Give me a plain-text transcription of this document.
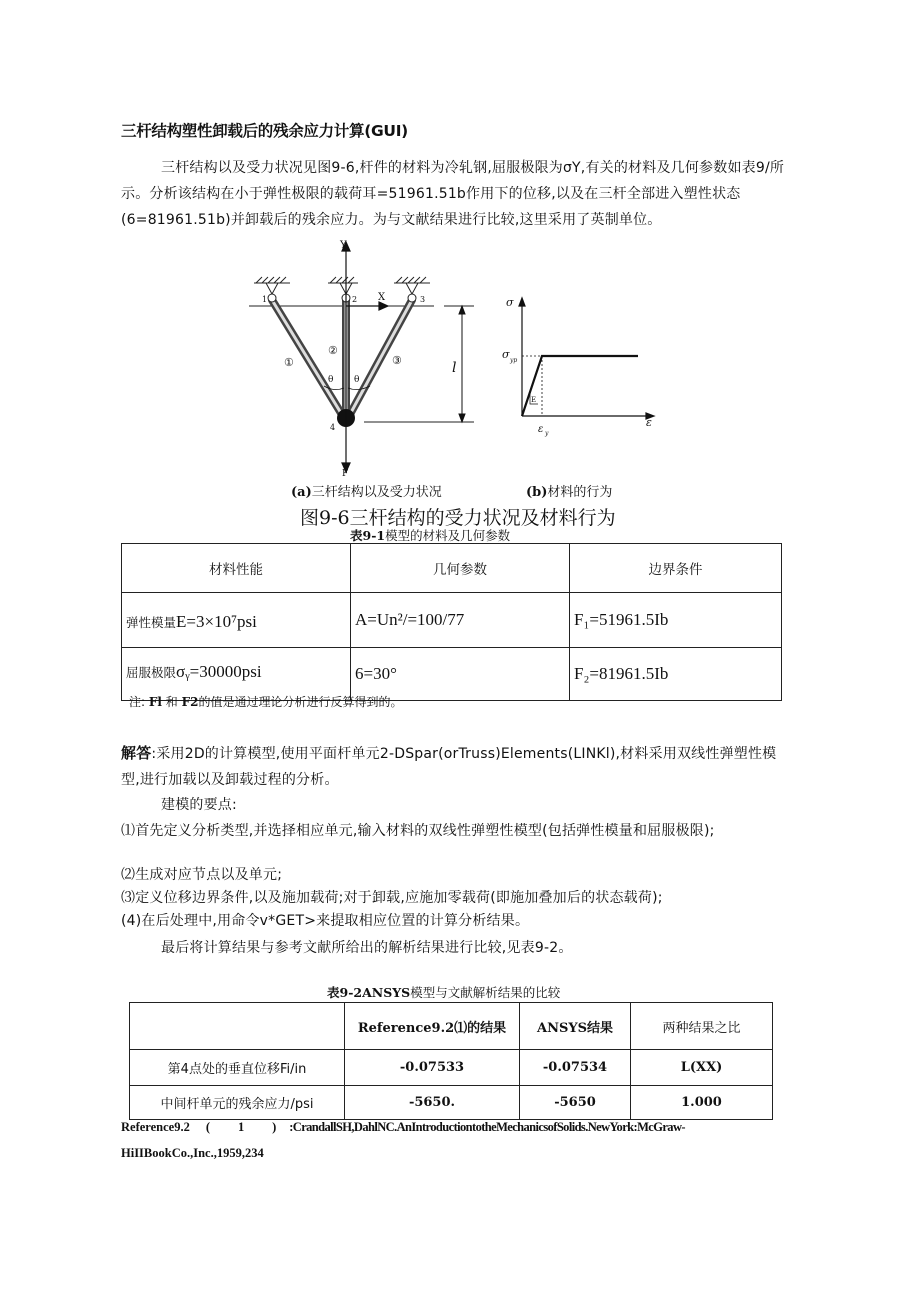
三杆结构塑性卸载后的残余应力计算(GUI)
三杆结构以及受力状况见图9-6,杆件的材料为冷轧钢,屈服极限为σY,有关的材料及几何参数如表9/所示。分析该结构在小于弹性极限的载荷耳=51961.51b作用下的位移,以及在三杆全部进入塑性状态(6=81961.51b)并卸载后的残余应力。为与文献结果进行比较,这里采用了英制单位。
Y
X
F
1	2	3
4
①
②
③
θ θ
l
σ
σ yp
E
ε
ε y
(a)三杆结构以及受力状况	(b)材料的行为
图9-6三杆结构的受力状况及材料行为
表9-1模型的材料及几何参数
材料性能	几何参数	边界条件
弹性模量E=3×10⁷psi	A=Un²/=100/77	F₁=51961.5Ib
屈服极限σᵧ=30000psi	6=30°	F₂=81961.5Ib
注: Fl 和 F2的值是通过理论分析进行反算得到的。
解答:采用2D的计算模型,使用平面杆单元2-DSpar(orTruss)Elements(LINKl),材料采用双线性弹塑性模型,进行加载以及卸载过程的分析。
建模的要点:
⑴首先定义分析类型,并选择相应单元,输入材料的双线性弹塑性模型(包括弹性模量和屈服极限);
⑵生成对应节点以及单元;
⑶定义位移边界条件,以及施加载荷;对于卸载,应施加零载荷(即施加叠加后的状态载荷);
(4)在后处理中,用命令v*GET>来提取相应位置的计算分析结果。
最后将计算结果与参考文献所给出的解析结果进行比较,见表9-2。
表9-2ANSYS模型与文献解析结果的比较
	Reference9.2⑴的结果	ANSYS结果	两种结果之比
第4点处的垂直位移Fi/in	-0.07533	-0.07534	L(XX)
中间杆单元的残余应力/psi	-5650.	-5650	1.000
Reference9.2 ( 1 ) :CrandallSH,DahlNC.AnIntroductiontotheMechanicsofSolids.NewYork:McGraw-
HiIIBookCo.,Inc.,1959,234
